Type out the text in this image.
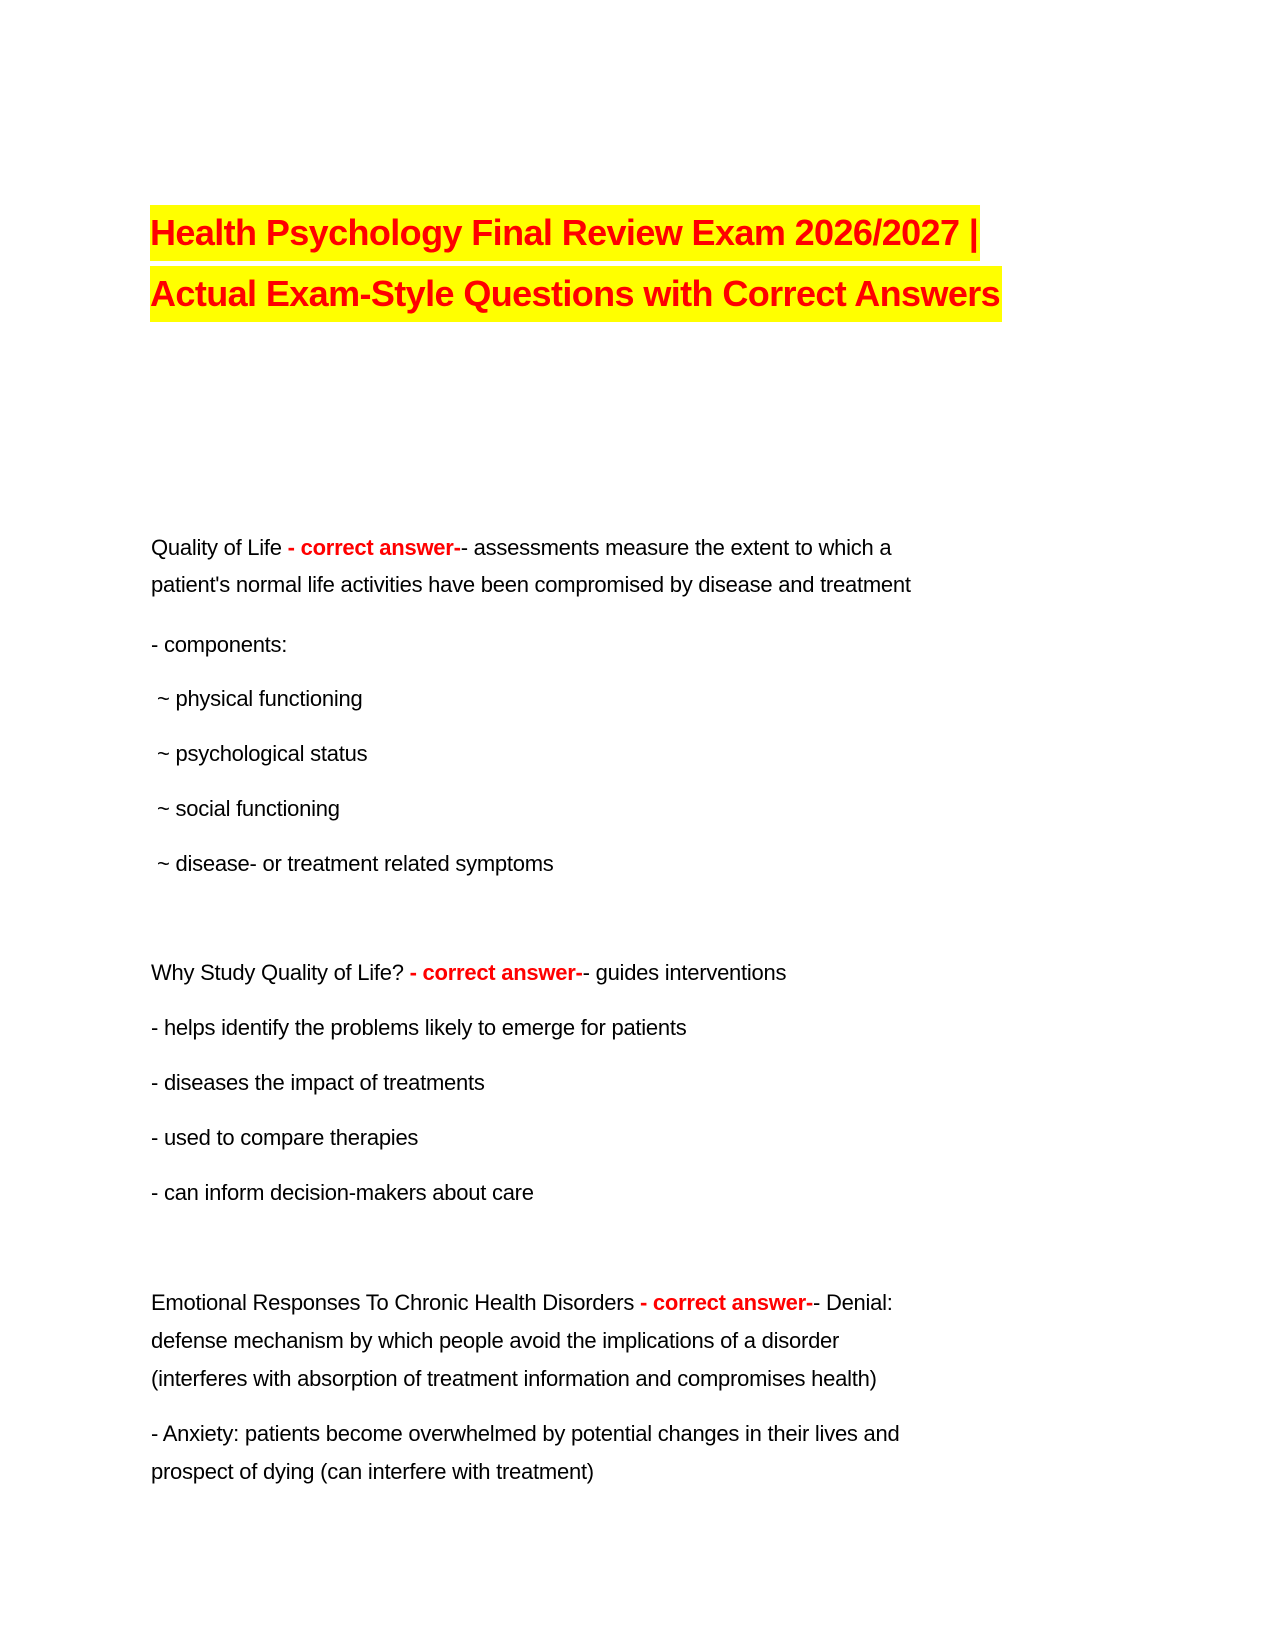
Health Psychology Final Review Exam 2026/2027 |
Actual Exam-Style Questions with Correct Answers
Quality of Life - correct answer-- assessments measure the extent to which a
patient's normal life activities have been compromised by disease and treatment
- components:
~ physical functioning
~ psychological status
~ social functioning
~ disease- or treatment related symptoms
Why Study Quality of Life? - correct answer-- guides interventions
- helps identify the problems likely to emerge for patients
- diseases the impact of treatments
- used to compare therapies
- can inform decision-makers about care
Emotional Responses To Chronic Health Disorders - correct answer-- Denial:
defense mechanism by which people avoid the implications of a disorder
(interferes with absorption of treatment information and compromises health)
- Anxiety: patients become overwhelmed by potential changes in their lives and
prospect of dying (can interfere with treatment)
